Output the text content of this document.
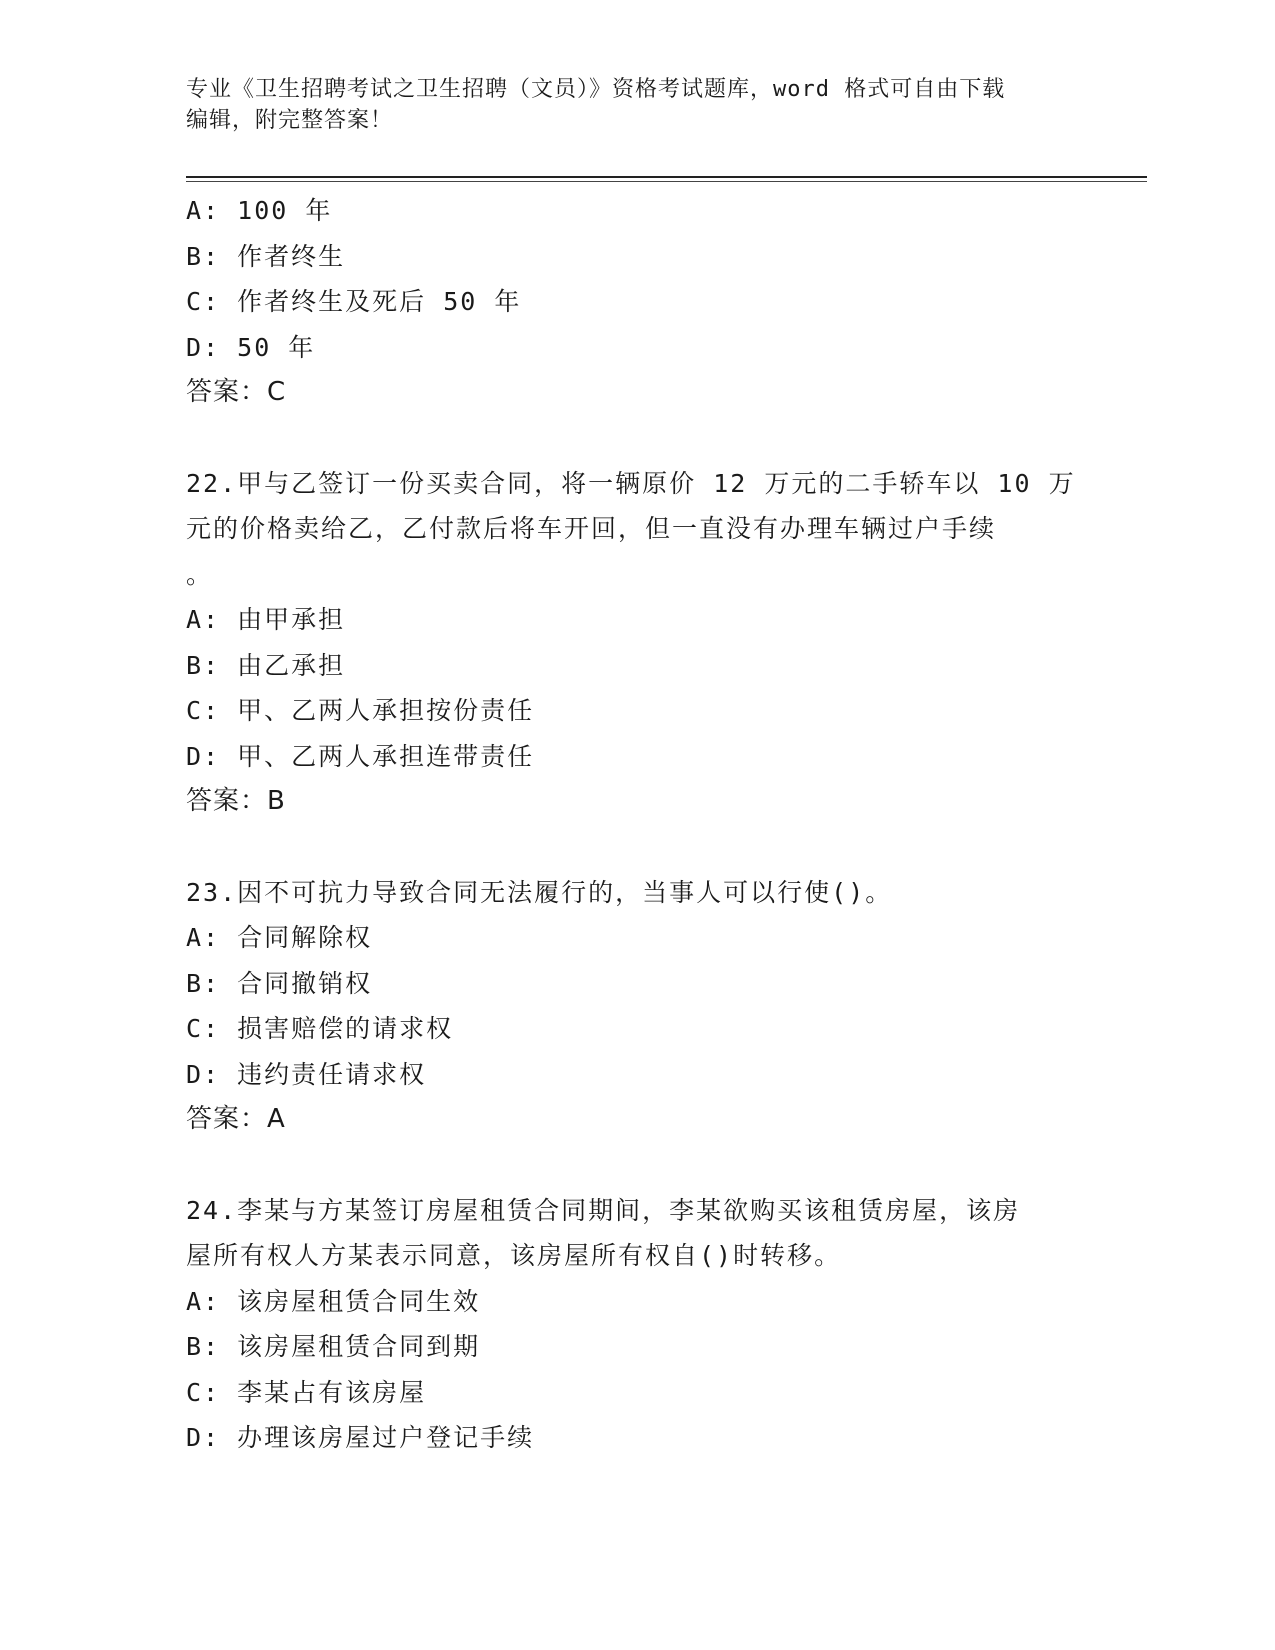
专业《卫生招聘考试之卫生招聘（文员）》资格考试题库，word 格式可自由下载
编辑，附完整答案！
A: 100 年
B: 作者终生
C: 作者终生及死后 50 年
D: 50 年
答案：C
22.甲与乙签订一份买卖合同，将一辆原价 12 万元的二手轿车以 10 万
元的价格卖给乙，乙付款后将车开回，但一直没有办理车辆过户手续
。
A: 由甲承担
B: 由乙承担
C: 甲、乙两人承担按份责任
D: 甲、乙两人承担连带责任
答案：B
23.因不可抗力导致合同无法履行的，当事人可以行使()。
A: 合同解除权
B: 合同撤销权
C: 损害赔偿的请求权
D: 违约责任请求权
答案：A
24.李某与方某签订房屋租赁合同期间，李某欲购买该租赁房屋，该房
屋所有权人方某表示同意，该房屋所有权自()时转移。
A: 该房屋租赁合同生效
B: 该房屋租赁合同到期
C: 李某占有该房屋
D: 办理该房屋过户登记手续
